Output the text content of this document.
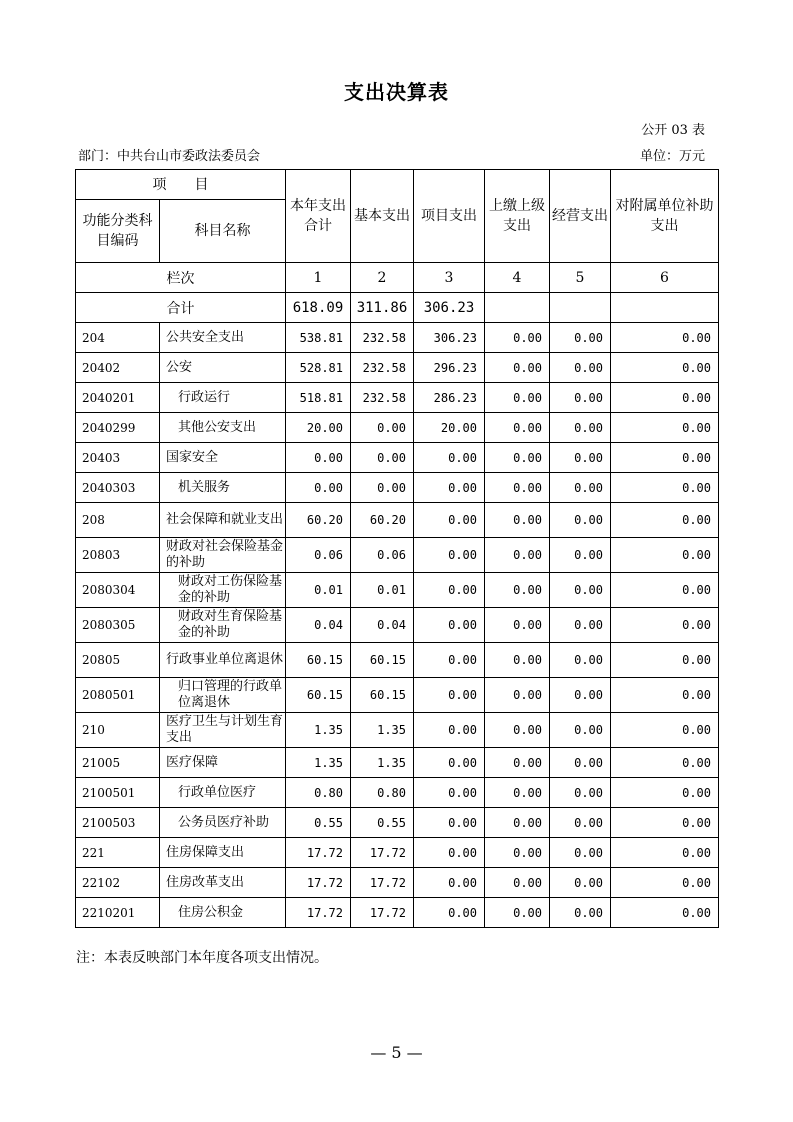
支出决算表
公开 03 表
部门：中共台山市委政法委员会	单位：万元
项　　目		本年支出合计	基本支出	项目支出	上缴上级支出	经营支出	对附属单位补助支出
功能分类科目编码	科目名称						
栏次		1	2	3	4	5	6
合计		618.09	311.86	306.23			
204	公共安全支出	538.81	232.58	306.23	0.00	0.00	0.00
20402	公安	528.81	232.58	296.23	0.00	0.00	0.00
2040201	行政运行	518.81	232.58	286.23	0.00	0.00	0.00
2040299	其他公安支出	20.00	0.00	20.00	0.00	0.00	0.00
20403	国家安全	0.00	0.00	0.00	0.00	0.00	0.00
2040303	机关服务	0.00	0.00	0.00	0.00	0.00	0.00
208	社会保障和就业支出	60.20	60.20	0.00	0.00	0.00	0.00
20803	财政对社会保险基金的补助	0.06	0.06	0.00	0.00	0.00	0.00
2080304	财政对工伤保险基金的补助	0.01	0.01	0.00	0.00	0.00	0.00
2080305	财政对生育保险基金的补助	0.04	0.04	0.00	0.00	0.00	0.00
20805	行政事业单位离退休	60.15	60.15	0.00	0.00	0.00	0.00
2080501	归口管理的行政单位离退休	60.15	60.15	0.00	0.00	0.00	0.00
210	医疗卫生与计划生育支出	1.35	1.35	0.00	0.00	0.00	0.00
21005	医疗保障	1.35	1.35	0.00	0.00	0.00	0.00
2100501	行政单位医疗	0.80	0.80	0.00	0.00	0.00	0.00
2100503	公务员医疗补助	0.55	0.55	0.00	0.00	0.00	0.00
221	住房保障支出	17.72	17.72	0.00	0.00	0.00	0.00
22102	住房改革支出	17.72	17.72	0.00	0.00	0.00	0.00
2210201	住房公积金	17.72	17.72	0.00	0.00	0.00	0.00
注：本表反映部门本年度各项支出情况。
— 5 —
